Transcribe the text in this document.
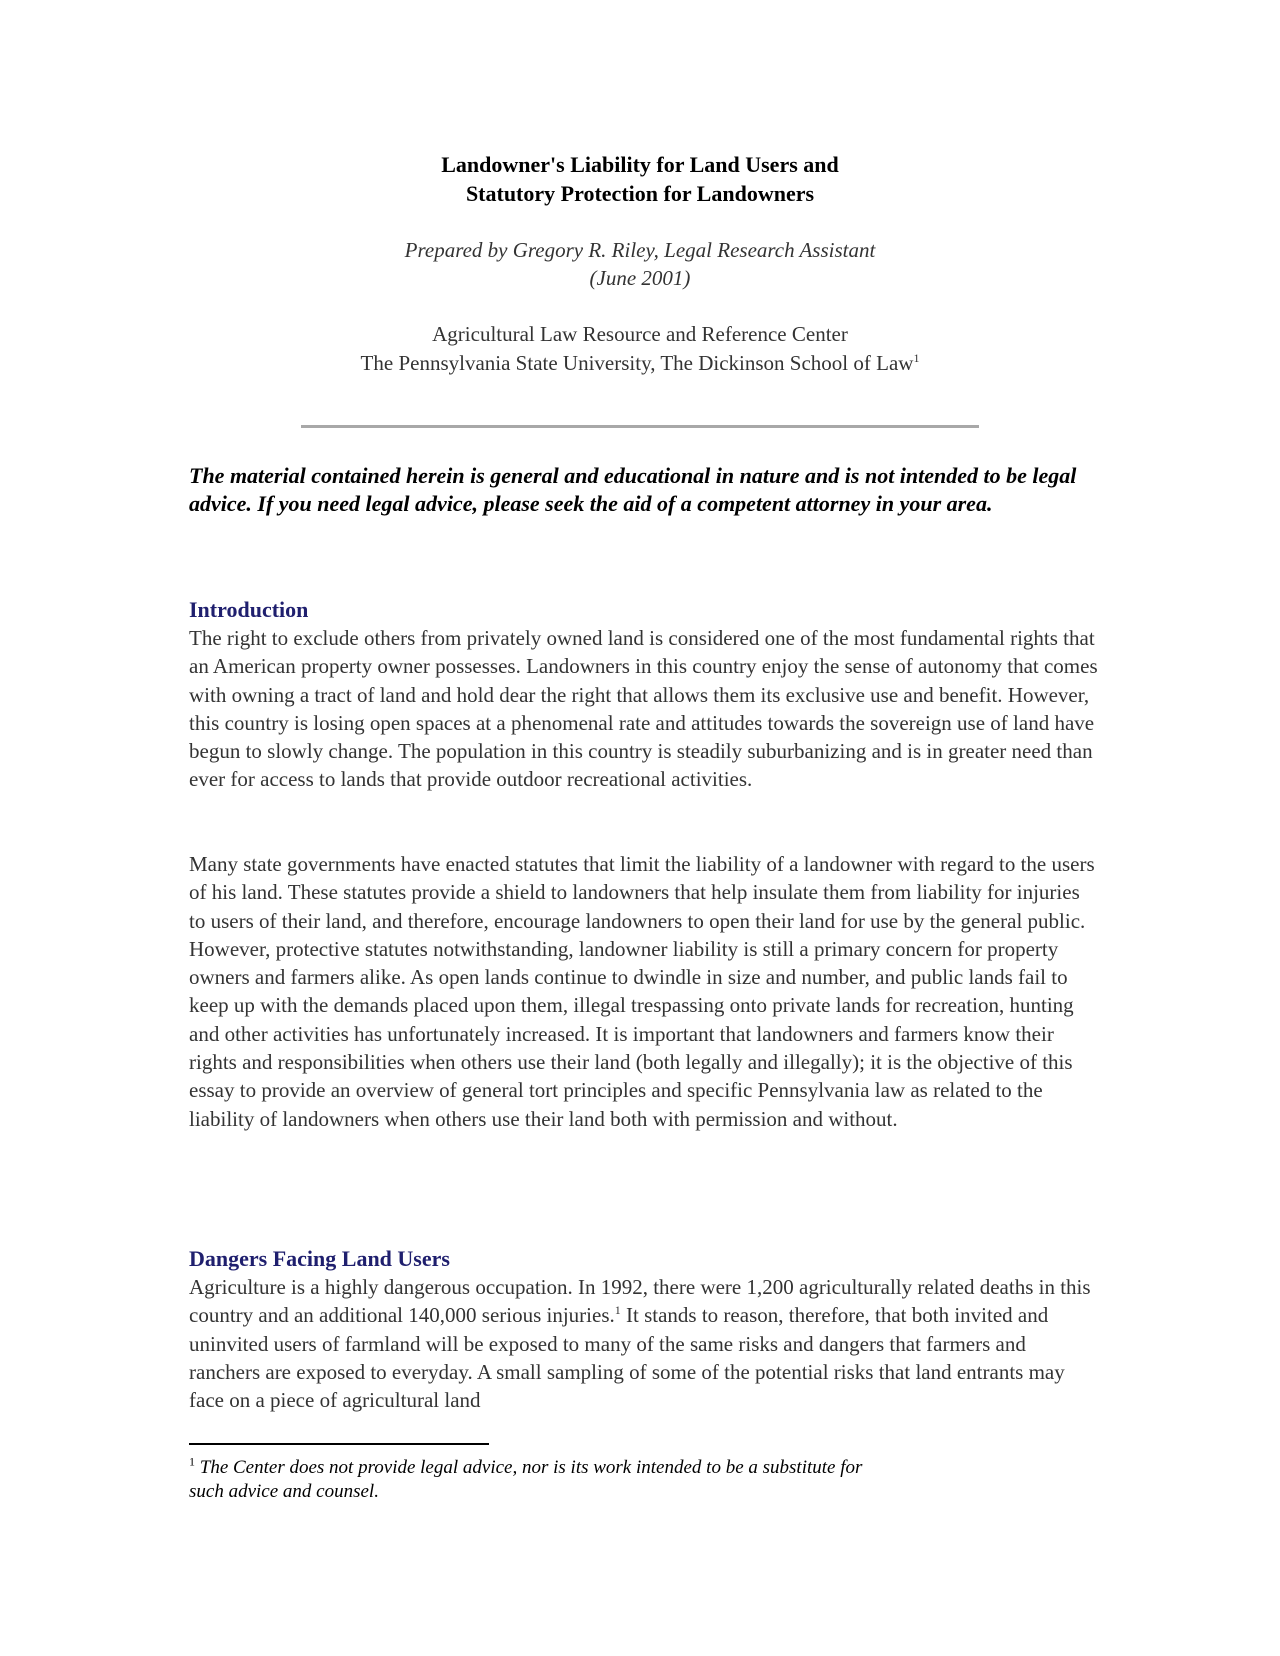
Landowner's Liability for Land Users and
Statutory Protection for Landowners
Prepared by Gregory R. Riley, Legal Research Assistant
(June 2001)
Agricultural Law Resource and Reference Center
The Pennsylvania State University, The Dickinson School of Law$^1$
The material contained herein is general and educational in nature and is not intended to be legal advice. If you need legal advice, please seek the aid of a competent attorney in your area.
Introduction
The right to exclude others from privately owned land is considered one of the most fundamental rights that an American property owner possesses. Landowners in this country enjoy the sense of autonomy that comes with owning a tract of land and hold dear the right that allows them its exclusive use and benefit. However, this country is losing open spaces at a phenomenal rate and attitudes towards the sovereign use of land have begun to slowly change. The population in this country is steadily suburbanizing and is in greater need than ever for access to lands that provide outdoor recreational activities.
Many state governments have enacted statutes that limit the liability of a landowner with regard to the users of his land. These statutes provide a shield to landowners that help insulate them from liability for injuries to users of their land, and therefore, encourage landowners to open their land for use by the general public. However, protective statutes notwithstanding, landowner liability is still a primary concern for property owners and farmers alike. As open lands continue to dwindle in size and number, and public lands fail to keep up with the demands placed upon them, illegal trespassing onto private lands for recreation, hunting and other activities has unfortunately increased. It is important that landowners and farmers know their rights and responsibilities when others use their land (both legally and illegally); it is the objective of this essay to provide an overview of general tort principles and specific Pennsylvania law as related to the liability of landowners when others use their land both with permission and without.
Dangers Facing Land Users
Agriculture is a highly dangerous occupation. In 1992, there were 1,200 agriculturally related deaths in this country and an additional 140,000 serious injuries.$^1$ It stands to reason, therefore, that both invited and uninvited users of farmland will be exposed to many of the same risks and dangers that farmers and ranchers are exposed to everyday. A small sampling of some of the potential risks that land entrants may face on a piece of agricultural land
$^1$ The Center does not provide legal advice, nor is its work intended to be a substitute for such advice and counsel.
